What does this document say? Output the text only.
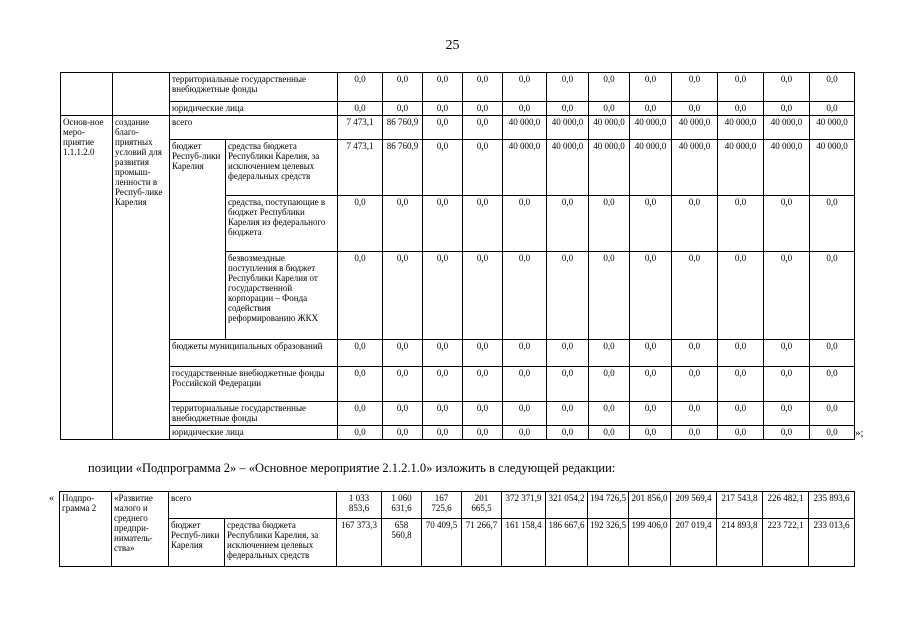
25
		территориальные государственные внебюджетные фонды		0,0	0,0	0,0	0,0	0,0	0,0	0,0	0,0	0,0	0,0	0,0	0,0
		юридические лица		0,0	0,0	0,0	0,0	0,0	0,0	0,0	0,0	0,0	0,0	0,0	0,0
Основ-ное меро-приятие 1.1.1.2.0	создание благо-приятных условий для развития промыш-ленности в Респуб-лике Карелия	всего		7 473,1	86 760,9	0,0	0,0	40 000,0	40 000,0	40 000,0	40 000,0	40 000,0	40 000,0	40 000,0	40 000,0
		бюджет Респуб-лики Карелия	средства бюджета Республики Карелия, за исключением целевых федеральных средств	7 473,1	86 760,9	0,0	0,0	40 000,0	40 000,0	40 000,0	40 000,0	40 000,0	40 000,0	40 000,0	40 000,0
			средства, поступающие в бюджет Республики Карелия из федерального бюджета	0,0	0,0	0,0	0,0	0,0	0,0	0,0	0,0	0,0	0,0	0,0	0,0
			безвозмездные поступления в бюджет Республики Карелия от государственной корпорации – Фонда содействия реформированию ЖКХ	0,0	0,0	0,0	0,0	0,0	0,0	0,0	0,0	0,0	0,0	0,0	0,0
		бюджеты муниципальных образований		0,0	0,0	0,0	0,0	0,0	0,0	0,0	0,0	0,0	0,0	0,0	0,0
		государственные внебюджетные фонды Российской Федерации		0,0	0,0	0,0	0,0	0,0	0,0	0,0	0,0	0,0	0,0	0,0	0,0
		территориальные государственные внебюджетные фонды		0,0	0,0	0,0	0,0	0,0	0,0	0,0	0,0	0,0	0,0	0,0	0,0
		юридические лица		0,0	0,0	0,0	0,0	0,0	0,0	0,0	0,0	0,0	0,0	0,0	0,0 »;
позиции «Подпрограмма 2» – «Основное мероприятие 2.1.2.1.0» изложить в следующей редакции:
« Подпро-грамма 2	«Развитие малого и среднего предпри-ниматель-ства»	всего		1 033 853,6	1 060 631,6	167 725,6	201 665,5	372 371,9	321 054,2	194 726,5	201 856,0	209 569,4	217 543,8	226 482,1	235 893,6
		бюджет Респуб-лики Карелия	средства бюджета Республики Карелия, за исключением целевых федеральных средств	167 373,3	658 560,8	70 409,5	71 266,7	161 158,4	186 667,6	192 326,5	199 406,0	207 019,4	214 893,8	223 722,1	233 013,6
